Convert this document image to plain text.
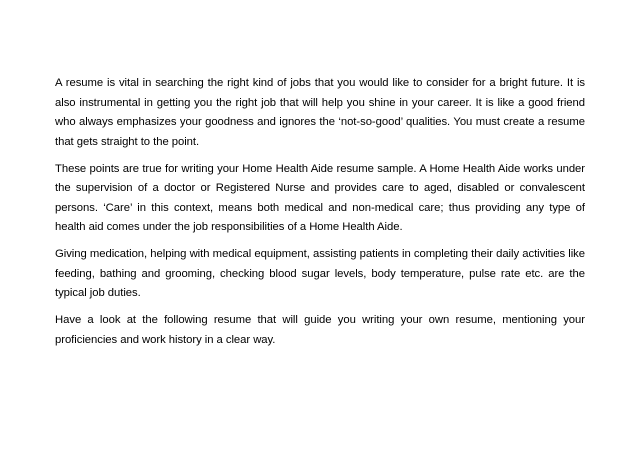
A resume is vital in searching the right kind of jobs that you would like to consider for a bright future. It is also instrumental in getting you the right job that will help you shine in your career. It is like a good friend who always emphasizes your goodness and ignores the ‘not-so-good’ qualities. You must create a resume that gets straight to the point.

These points are true for writing your Home Health Aide resume sample. A Home Health Aide works under the supervision of a doctor or Registered Nurse and provides care to aged, disabled or convalescent persons. ‘Care’ in this context, means both medical and non-medical care; thus providing any type of health aid comes under the job responsibilities of a Home Health Aide.

Giving medication, helping with medical equipment, assisting patients in completing their daily activities like feeding, bathing and grooming, checking blood sugar levels, body temperature, pulse rate etc. are the typical job duties.

Have a look at the following resume that will guide you writing your own resume, mentioning your proficiencies and work history in a clear way.
